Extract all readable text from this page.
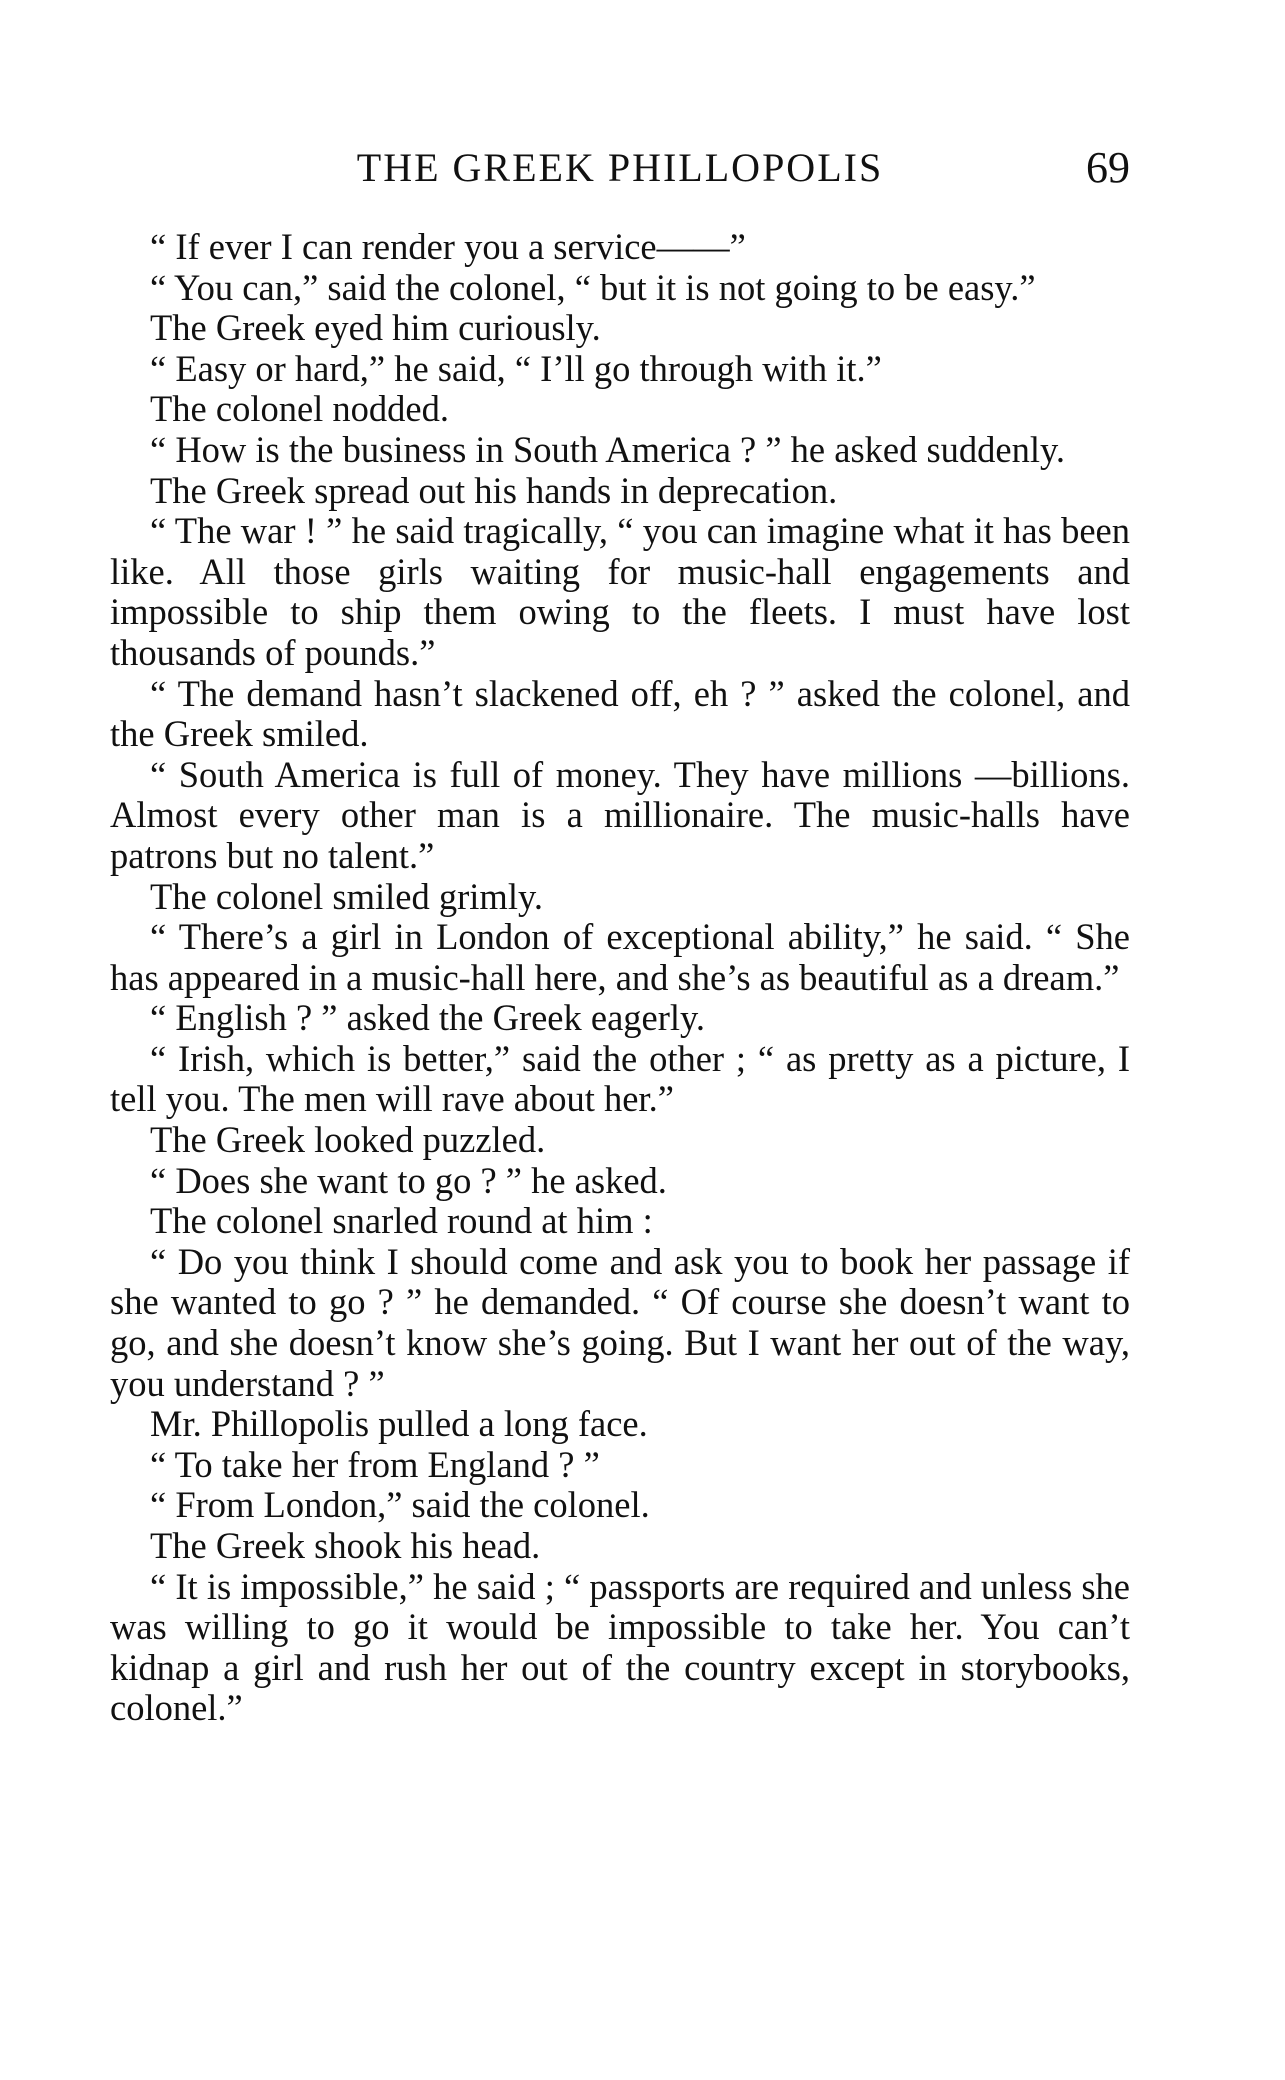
THE GREEK PHILLOPOLIS	69

“ If ever I can render you a service——”

“ You can,” said the colonel, “ but it is not going to be easy.”

The Greek eyed him curiously.

“ Easy or hard,” he said, “ I’ll go through with it.”

The colonel nodded.

“ How is the business in South America ? ” he asked suddenly.

The Greek spread out his hands in deprecation.

“ The war ! ” he said tragically, “ you can imagine what it has been like. All those girls waiting for music-hall engagements and impossible to ship them owing to the fleets. I must have lost thousands of pounds.”

“ The demand hasn’t slackened off, eh ? ” asked the colonel, and the Greek smiled.

“ South America is full of money. They have millions —billions. Almost every other man is a millionaire. The music-halls have patrons but no talent.”

The colonel smiled grimly.

“ There’s a girl in London of exceptional ability,” he said. “ She has appeared in a music-hall here, and she’s as beautiful as a dream.”

“ English ? ” asked the Greek eagerly.

“ Irish, which is better,” said the other ; “ as pretty as a picture, I tell you. The men will rave about her.”

The Greek looked puzzled.

“ Does she want to go ? ” he asked.

The colonel snarled round at him :

“ Do you think I should come and ask you to book her passage if she wanted to go ? ” he demanded. “ Of course she doesn’t want to go, and she doesn’t know she’s going. But I want her out of the way, you understand ? ”

Mr. Phillopolis pulled a long face.

“ To take her from England ? ”

“ From London,” said the colonel.

The Greek shook his head.

“ It is impossible,” he said ; “ passports are required and unless she was willing to go it would be impossible to take her. You can’t kidnap a girl and rush her out of the country except in storybooks, colonel.”
